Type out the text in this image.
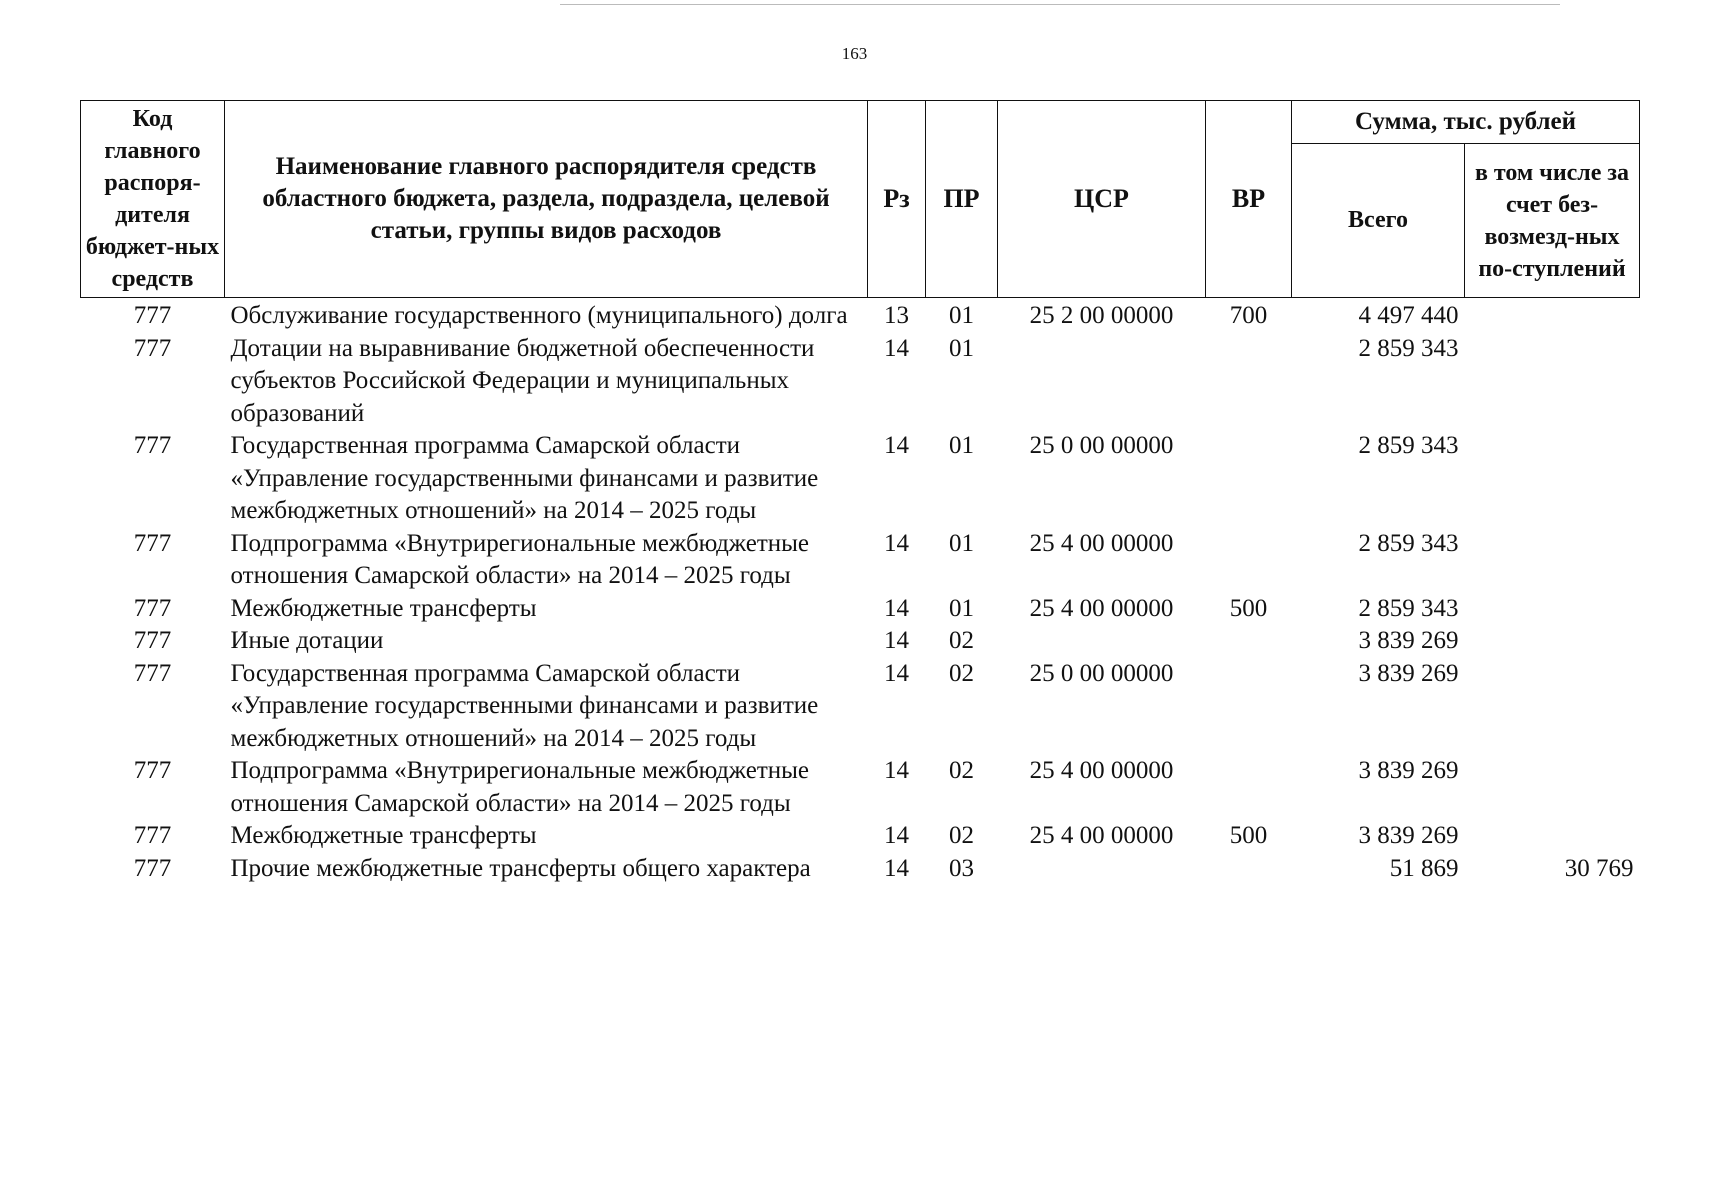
163
Код главного распоря-дителя бюджет-ных средств	Наименование главного распорядителя средств областного бюджета, раздела, подраздела, целевой статьи, группы видов расходов	Рз	ПР	ЦСР	ВР	Сумма, тыс. рублей	
						Всего	в том числе за счет без-возмезд-ных по-ступлений
777	Обслуживание государственного (муниципального) долга	13	01	25 2 00 00000	700	4 497 440	
777	Дотации на выравнивание бюджетной обеспеченности субъектов Российской Федерации и муниципальных образований	14	01			2 859 343	
777	Государственная программа Самарской области «Управление государственными финансами и развитие межбюджетных отношений» на 2014 – 2025 годы	14	01	25 0 00 00000		2 859 343	
777	Подпрограмма «Внутрирегиональные межбюджетные отношения Самарской области» на 2014 – 2025 годы	14	01	25 4 00 00000		2 859 343	
777	Межбюджетные трансферты	14	01	25 4 00 00000	500	2 859 343	
777	Иные дотации	14	02			3 839 269	
777	Государственная программа Самарской области «Управление государственными финансами и развитие межбюджетных отношений» на 2014 – 2025 годы	14	02	25 0 00 00000		3 839 269	
777	Подпрограмма «Внутрирегиональные межбюджетные отношения Самарской области» на 2014 – 2025 годы	14	02	25 4 00 00000		3 839 269	
777	Межбюджетные трансферты	14	02	25 4 00 00000	500	3 839 269	
777	Прочие межбюджетные трансферты общего характера	14	03			51 869	30 769
